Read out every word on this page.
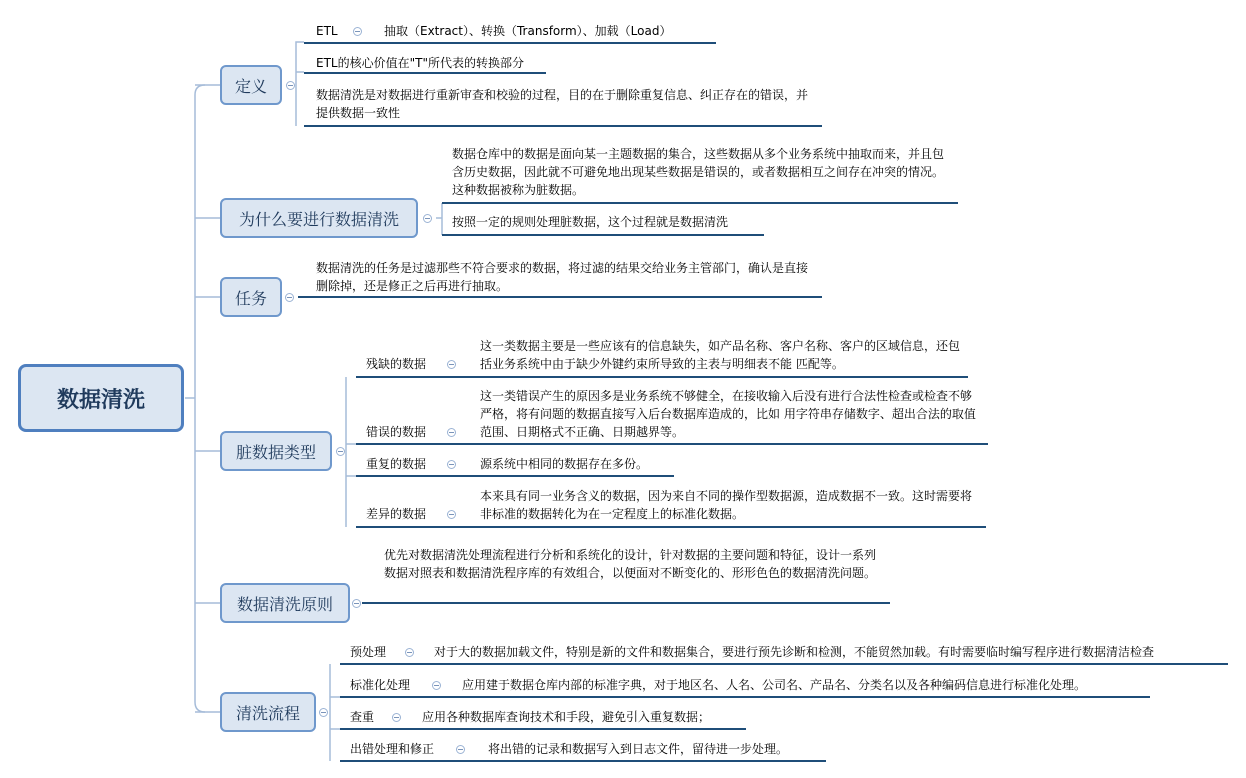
数据清洗
定义
ETL	抽取（Extract）、转换（Transform）、加载（Load）
ETL的核心价值在"T"所代表的转换部分
数据清洗是对数据进行重新审查和校验的过程，目的在于删除重复信息、纠正存在的错误，并提供数据一致性
为什么要进行数据清洗
数据仓库中的数据是面向某一主题数据的集合，这些数据从多个业务系统中抽取而来，并且包含历史数据，因此就不可避免地出现某些数据是错误的，或者数据相互之间存在冲突的情况。这种数据被称为脏数据。
按照一定的规则处理脏数据，这个过程就是数据清洗
任务
数据清洗的任务是过滤那些不符合要求的数据，将过滤的结果交给业务主管部门，确认是直接删除掉，还是修正之后再进行抽取。
脏数据类型
残缺的数据
这一类数据主要是一些应该有的信息缺失，如产品名称、客户名称、客户的区域信息，还包括业务系统中由于缺少外键约束所导致的主表与明细表不能 匹配等。
错误的数据
这一类错误产生的原因多是业务系统不够健全，在接收输入后没有进行合法性检查或检查不够严格，将有问题的数据直接写入后台数据库造成的，比如 用字符串存储数字、超出合法的取值范围、日期格式不正确、日期越界等。
重复的数据	源系统中相同的数据存在多份。
差异的数据
本来具有同一业务含义的数据，因为来自不同的操作型数据源，造成数据不一致。这时需要将非标准的数据转化为在一定程度上的标准化数据。
数据清洗原则
优先对数据清洗处理流程进行分析和系统化的设计，针对数据的主要问题和特征，设计一系列数据对照表和数据清洗程序库的有效组合，以便面对不断变化的、形形色色的数据清洗问题。
清洗流程
预处理	对于大的数据加载文件，特别是新的文件和数据集合，要进行预先诊断和检测，不能贸然加载。有时需要临时编写程序进行数据清洁检查
标准化处理	应用建于数据仓库内部的标准字典，对于地区名、人名、公司名、产品名、分类名以及各种编码信息进行标准化处理。
查重	应用各种数据库查询技术和手段，避免引入重复数据；
出错处理和修正	将出错的记录和数据写入到日志文件，留待进一步处理。
